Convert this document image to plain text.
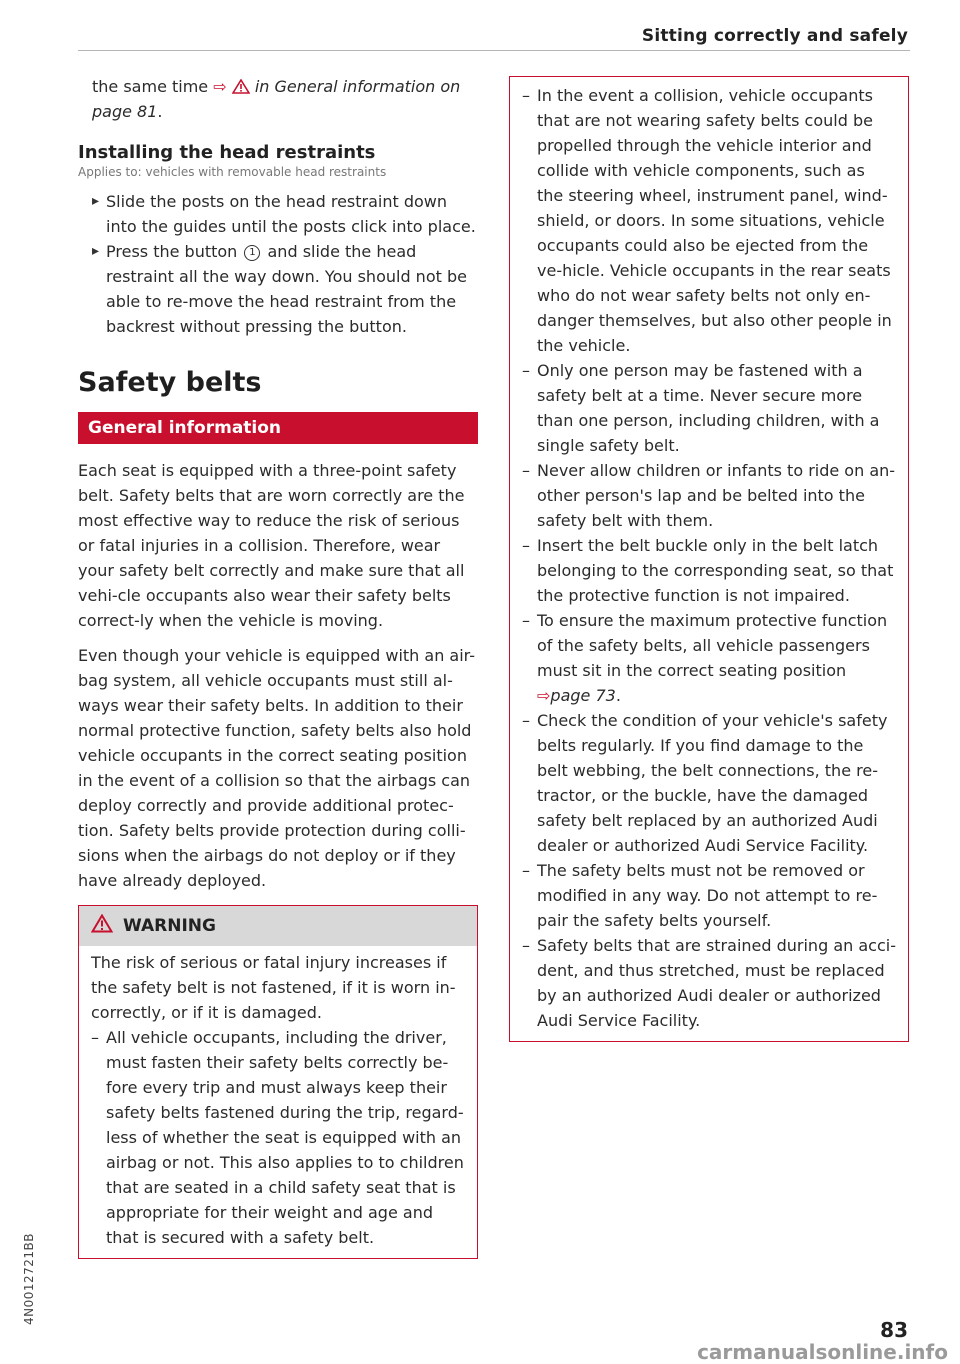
Sitting correctly and safely

the same time ⇨ in General information on page 81.

Installing the head restraints
Applies to: vehicles with removable head restraints
▸ Slide the posts on the head restraint down into the guides until the posts click into place.
▸ Press the button 1 and slide the head restraint all the way down. You should not be able to re-move the head restraint from the backrest without pressing the button.
Safety belts
General information

Each seat is equipped with a three-point safety belt. Safety belts that are worn correctly are the most effective way to reduce the risk of serious or fatal injuries in a collision. Therefore, wear your safety belt correctly and make sure that all vehi-cle occupants also wear their safety belts correct-ly when the vehicle is moving.

Even though your vehicle is equipped with an air-bag system, all vehicle occupants must still al-ways wear their safety belts. In addition to their normal protective function, safety belts also hold vehicle occupants in the correct seating position in the event of a collision so that the airbags can deploy correctly and provide additional protec-tion. Safety belts provide protection during colli-sions when the airbags do not deploy or if they have already deployed.

WARNING

The risk of serious or fatal injury increases if the safety belt is not fastened, if it is worn in-correctly, or if it is damaged.

– All vehicle occupants, including the driver, must fasten their safety belts correctly be-fore every trip and must always keep their safety belts fastened during the trip, regard-less of whether the seat is equipped with an airbag or not. This also applies to to children that are seated in a child safety seat that is appropriate for their weight and age and that is secured with a safety belt.
– In the event a collision, vehicle occupants that are not wearing safety belts could be propelled through the vehicle interior and collide with vehicle components, such as the steering wheel, instrument panel, wind-shield, or doors. In some situations, vehicle occupants could also be ejected from the ve-hicle. Vehicle occupants in the rear seats who do not wear safety belts not only en-danger themselves, but also other people in the vehicle.
– Only one person may be fastened with a safety belt at a time. Never secure more than one person, including children, with a single safety belt.
– Never allow children or infants to ride on an-other person's lap and be belted into the safety belt with them.
– Insert the belt buckle only in the belt latch belonging to the corresponding seat, so that the protective function is not impaired.
– To ensure the maximum protective function of the safety belts, all vehicle passengers must sit in the correct seating position ⇨page 73.
– Check the condition of your vehicle's safety belts regularly. If you find damage to the belt webbing, the belt connections, the re-tractor, or the buckle, have the damaged safety belt replaced by an authorized Audi dealer or authorized Audi Service Facility.
– The safety belts must not be removed or modified in any way. Do not attempt to re-pair the safety belts yourself.
– Safety belts that are strained during an acci-dent, and thus stretched, must be replaced by an authorized Audi dealer or authorized Audi Service Facility.
4N0012721BB
83
carmanualsonline.info
